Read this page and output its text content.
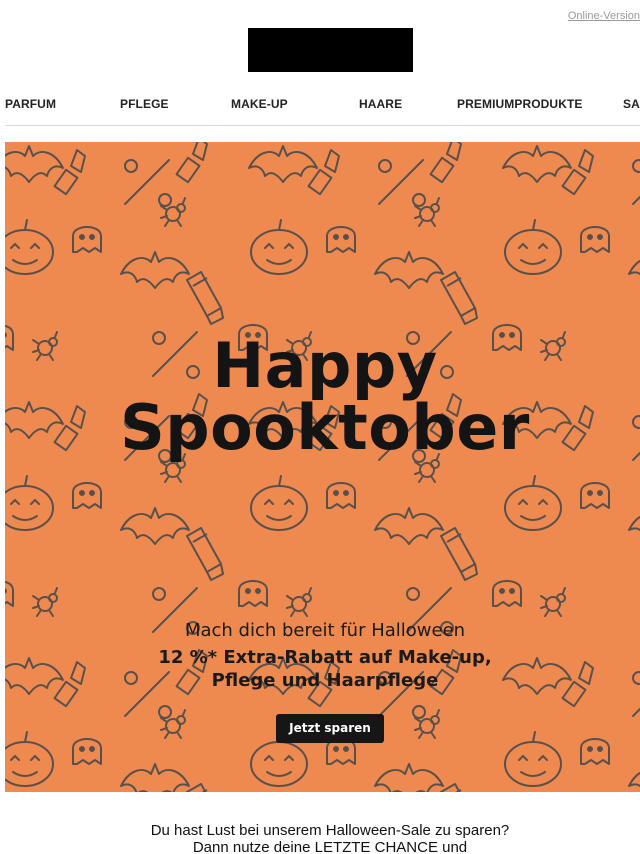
Online-Version
PARFUM	PFLEGE	MAKE-UP	HAARE	PREMIUMPRODUKTE	SA
Happy
Spooktober
Mach dich bereit für Halloween
12 %* Extra-Rabatt auf Make-up,
Pflege und Haarpflege
Jetzt sparen
Du hast Lust bei unserem Halloween-Sale zu sparen? Dann nutze deine LETZTE CHANCE und
